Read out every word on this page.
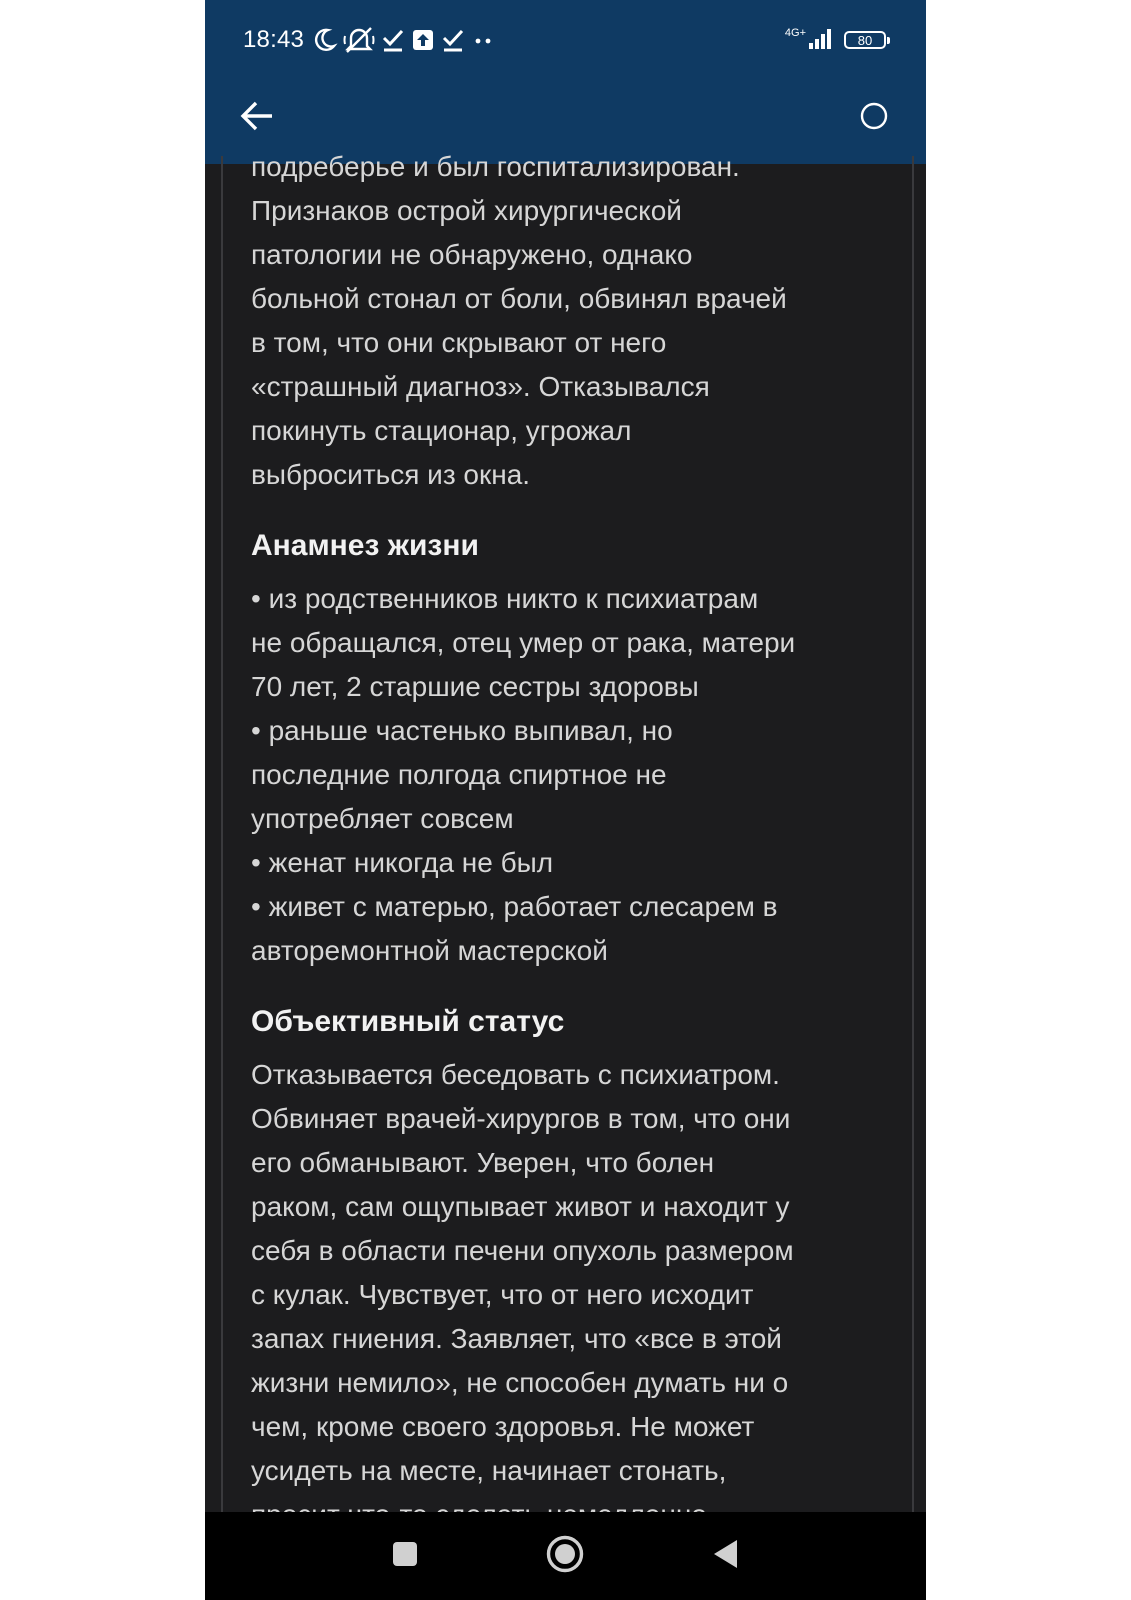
18:43	4G+	80

подреберье и был госпитализирован.

Признаков острой хирургической

патологии не обнаружено, однако

больной стонал от боли, обвинял врачей

в том, что они скрывают от него

«страшный диагноз». Отказывался

покинуть стационар, угрожал

выброситься из окна.

Анамнез жизни

• из родственников никто к психиатрам

не обращался, отец умер от рака, матери

70 лет, 2 старшие сестры здоровы

• раньше частенько выпивал, но

последние полгода спиртное не

употребляет совсем

• женат никогда не был

• живет с матерью, работает слесарем в

авторемонтной мастерской

Объективный статус

Отказывается беседовать с психиатром.

Обвиняет врачей-хирургов в том, что они

его обманывают. Уверен, что болен

раком, сам ощупывает живот и находит у

себя в области печени опухоль размером

с кулак. Чувствует, что от него исходит

запах гниения. Заявляет, что «все в этой

жизни немило», не способен думать ни о

чем, кроме своего здоровья. Не может

усидеть на месте, начинает стонать,
